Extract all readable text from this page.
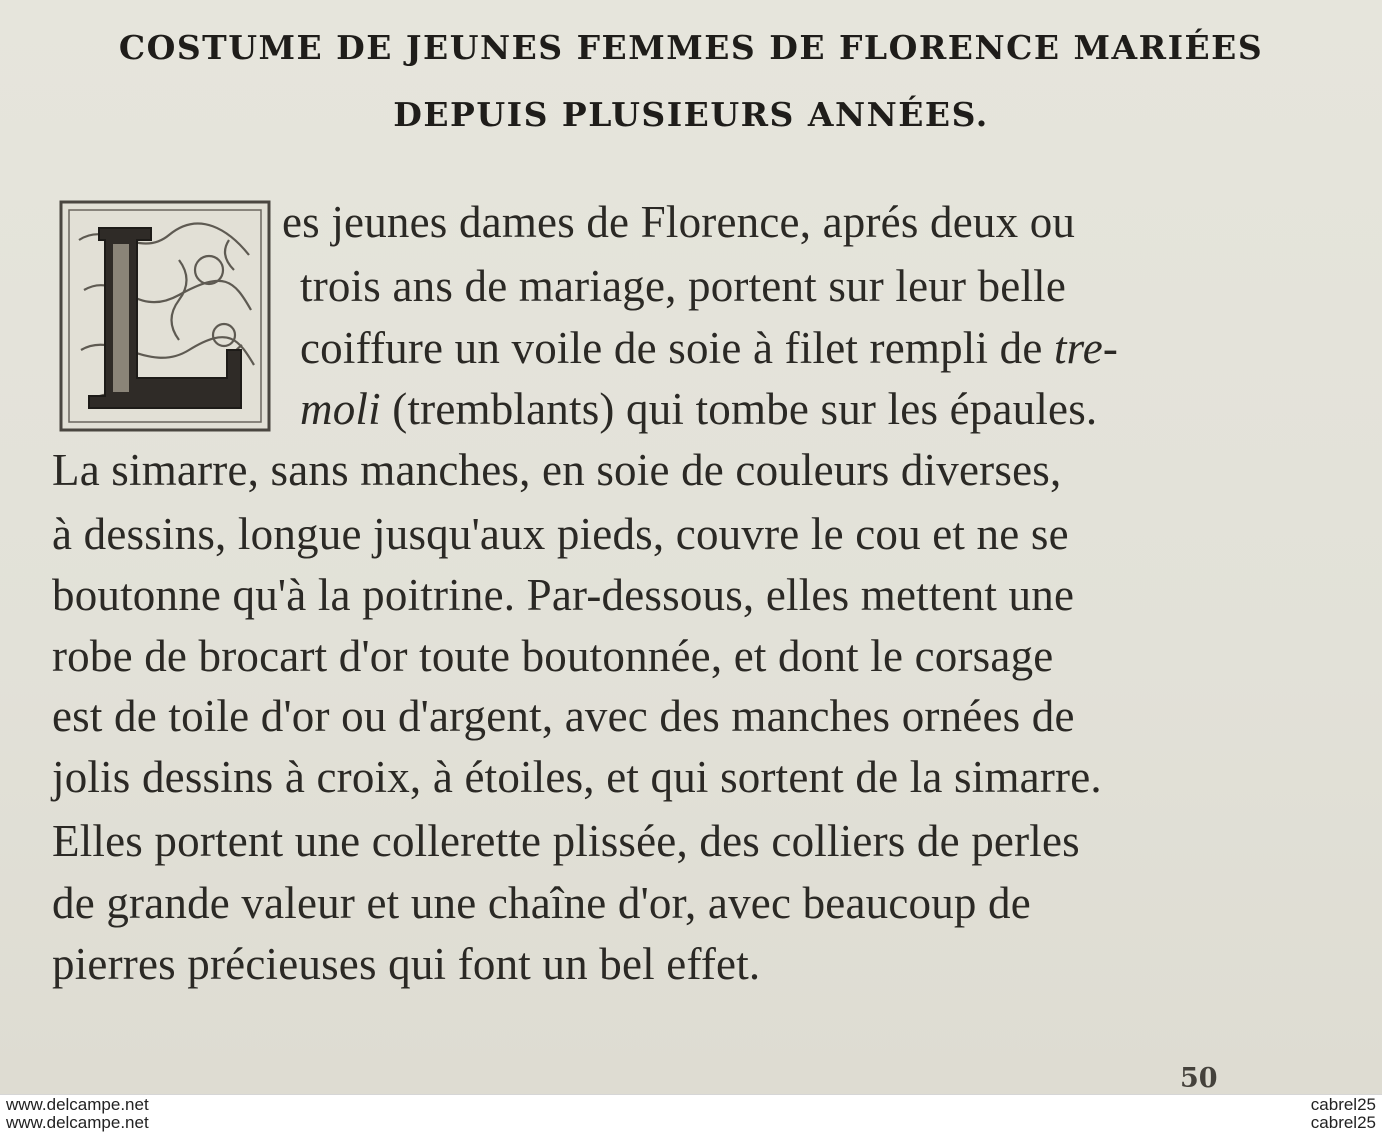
COSTUME DE JEUNES FEMMES DE FLORENCE MARIÉES
DEPUIS PLUSIEURS ANNÉES.
es jeunes dames de Florence, aprés deux ou
trois ans de mariage, portent sur leur belle
coiffure un voile de soie à filet rempli de tre-
moli (tremblants) qui tombe sur les épaules.
La simarre, sans manches, en soie de couleurs diverses,
à dessins, longue jusqu'aux pieds, couvre le cou et ne se
boutonne qu'à la poitrine. Par-dessous, elles mettent une
robe de brocart d'or toute boutonnée, et dont le corsage
est de toile d'or ou d'argent, avec des manches ornées de
jolis dessins à croix, à étoiles, et qui sortent de la simarre.
Elles portent une collerette plissée, des colliers de perles
de grande valeur et une chaîne d'or, avec beaucoup de
pierres précieuses qui font un bel effet.
50
www.delcampe.net
www.delcampe.net
cabrel25
cabrel25
